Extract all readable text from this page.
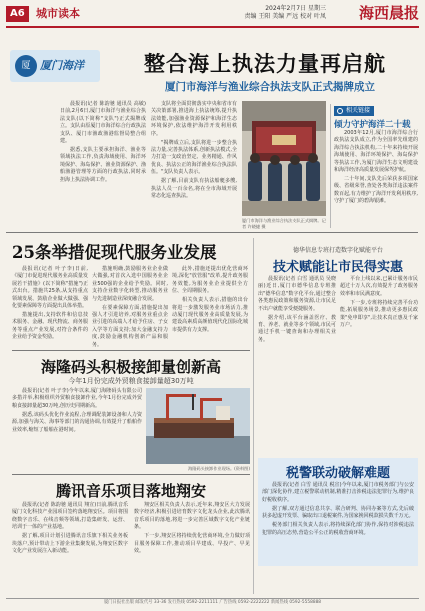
A6	城市读本	2024年2月7日 星期三
责编 王阳 美编 严远 校对 叶凤 海西晨报
厦 厦门海洋	整合海上执法力量再启航
厦门市海洋与渔业综合执法支队正式揭牌成立

晨报讯(记者 陈韵驰 通讯员 高敏)日前,2月6日,厦门市海洋与渔业综合执法支队(以下简称"支队")正式揭牌成立。支队由原厦门市海洋综合行政执法支队、厦门市渔政渔港监督局整合组建。

据悉,支队主要承担海洋、渔业等领域执法工作,负责海域使用、海洋环境保护、海岛保护、渔业资源保护、渔船渔港管理等方面的行政执法,同时承担海上执法协调工作。

支队将全面贯彻落实中央和省市有关决策部署,推进海上执法统筹,提升执法效能,加强渔业资源保护和海洋生态环境保护,依法维护海洋开发利用秩序。

"揭牌成立后,支队将进一步整合执法力量,完善执法体系,创新执法模式,全力打造一支政治坚定、业务精通、作风优良、执法公正的海洋渔业综合执法队伍。"支队负责人表示。

据了解,目前支队有执法船艇多艘,执法人员一百余名,将在全市海域开展常态化巡查执法。

厦门市海洋与渔业综合执法支队正式揭牌。记者 许晓捷 摄
相关链接
倾力守护海洋二十载

2003年12月,厦门市海洋综合行政执法支队成立,作为全国率先组建的海洋综合执法机构,二十年来持续开展海域使用、海洋环境保护、海岛保护等执法工作,为厦门海洋生态文明建设和海洋经济高质量发展保驾护航。

二十年间,支队先后荣获多项国家级、省级荣誉,查处各类海洋违法案件数百起,有力维护了海洋开发利用秩序,守护了厦门的碧海银滩。

25条举措促现代服务业发展

晨报讯(记者 叶子李)日前,《厦门市促进现代服务业高质量发展若干措施》(以下简称"措施")正式出台。措施共25条,从支持重点领域发展、鼓励企业做大做强、强化要素保障等方面提出具体举措。

措施提出,支持软件和信息技术服务、金融、现代物流、商务服务等重点产业发展,对符合条件的企业给予资金奖励。

措施明确,鼓励服务业企业做大做强,对首次入选中国服务业企业500强的企业给予奖励。同时,支持企业数字化转型,推动服务业与先进制造业深度融合发展。

在要素保障方面,措施提出加强人才引进培养,对服务业重点企业引进的高端人才给予住房、子女入学等方面支持;加大金融支持力度,鼓励金融机构创新产品和服务。

此外,措施还提出优化营商环境,深化"放管服"改革,提升政务服务效能,为服务业企业提供全方位、全周期服务。

相关负责人表示,措施的出台将进一步激发服务业市场活力,推动厦门现代服务业高质量发展,为建设高素质高颜值现代化国际化城市提供有力支撑。

德华信息专班打造数字化赋能平台
技术赋能让市民得实惠

晨报讯(记者 白雪 通讯员 吴晓丽)近日,厦门市德华信息专班推出"德华信息"数字化平台,通过整合各类惠民政策和服务资源,让市民足不出户就能享受便捷服务。

据介绍,该平台涵盖医疗、教育、养老、就业等多个领域,市民可通过手机一键查询和办理相关业务。

平台上线以来,已累计服务市民超过十万人次,有效提升了政务服务效率和市民满意度。

下一步,专班将持续完善平台功能,拓展服务场景,推动更多惠民政策"免申即享",让技术真正惠及千家万户。

海隆码头积极接卸量创新高
今年1月份完成外贸粮食接卸量超30万吨

晨报讯(记者 叶子李)今年以来,厦门海隆码头有限公司多措并举,积极组织外贸粮食接卸作业,今年1月份完成外贸粮食接卸量超30万吨,创历史同期新高。

据悉,该码头优化作业流程,合理调配装卸设备和人力资源,加强与海关、海事等部门的沟通协调,有效提升了船舶作业效率,缩短了船舶在港时间。

海隆码头接卸作业现场。(资料图)
腾讯音乐项目落地翔安

晨报讯(记者 陈韵驰 通讯员 翔宣)日前,腾讯音乐厦门文化科技产业园项目签约落地翔安区。项目将围绕数字音乐、在线音频等领域,打造集研发、运营、培训于一体的产业基地。

据了解,项目计划引进腾讯音乐旗下相关业务板块落户,预计带动上下游企业集聚发展,为翔安区数字文化产业发展注入新动能。

翔安区相关负责人表示,近年来,翔安区大力发展数字经济,积极引进培育数字文化龙头企业,此次腾讯音乐项目的落地,将进一步完善区域数字文化产业链条。

下一步,翔安区将持续优化营商环境,全力做好项目服务保障工作,推动项目早建成、早投产、早见效。

税警联动破解难题

晨报讯(记者 白雪 通讯员 税宣)今年以来,厦门市税务部门与公安部门深化协作,建立税警联动机制,精准打击涉税违法犯罪行为,维护良好税收秩序。

据了解,双方通过信息共享、联合研判、协同办案等方式,先后破获多起虚开发票、骗取出口退税案件,为国家挽回税款损失数千万元。

税务部门相关负责人表示,将持续深化部门协作,保持对涉税违法犯罪的高压态势,营造公平公正的税收营商环境。

厦门日报社出版 邮发代号 33-36 发行热线 0592-2211111 广告热线 0592-2222222 新闻热线 0592-5558888
